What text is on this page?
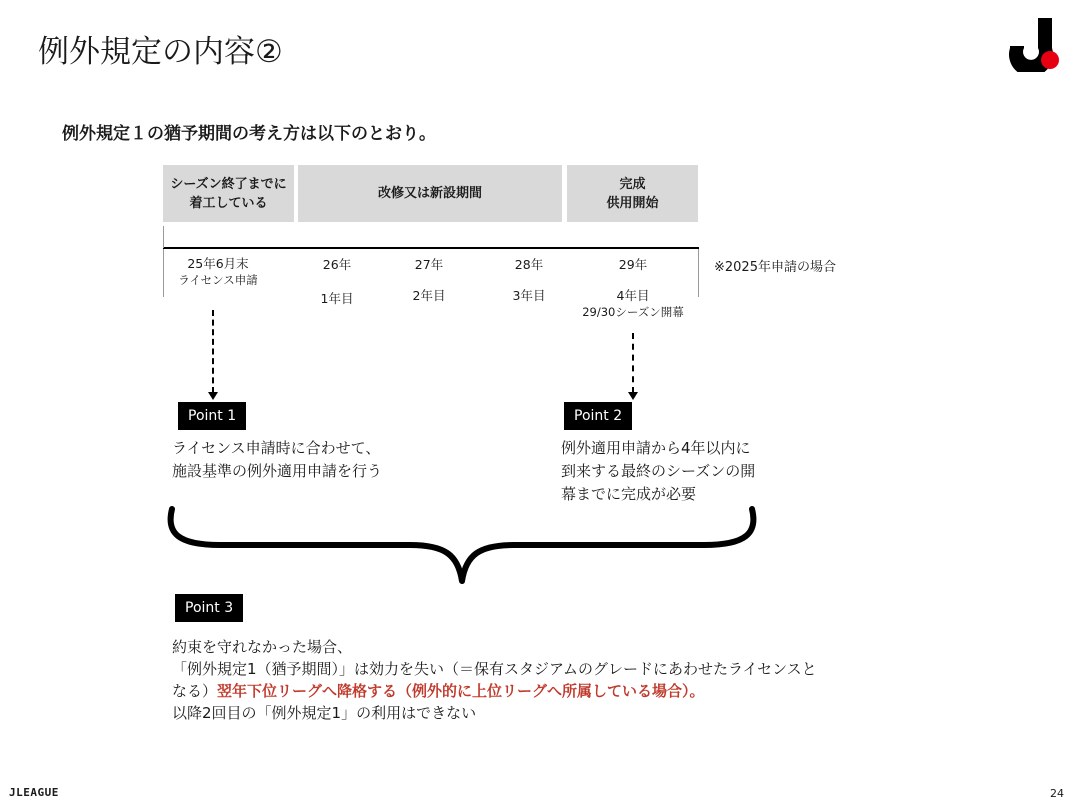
例外規定の内容②
例外規定１の猶予期間の考え方は以下のとおり。
シーズン終了までに
着工している
改修又は新設期間
完成
供用開始
25年6月末
ライセンス申請
26年	27年	28年	29年
1年目	2年目	3年目	4年目
29/30シーズン開幕
※2025年申請の場合
Point 1
ライセンス申請時に合わせて、
施設基準の例外適用申請を行う
Point 2
例外適用申請から4年以内に
到来する最終のシーズンの開
幕までに完成が必要
Point 3
約束を守れなかった場合、
「例外規定1（猶予期間）」は効力を失い（＝保有スタジアムのグレードにあわせたライセンスと
なる）翌年下位リーグへ降格する（例外的に上位リーグへ所属している場合）。
以降2回目の「例外規定1」の利用はできない
JLEAGUE	24
